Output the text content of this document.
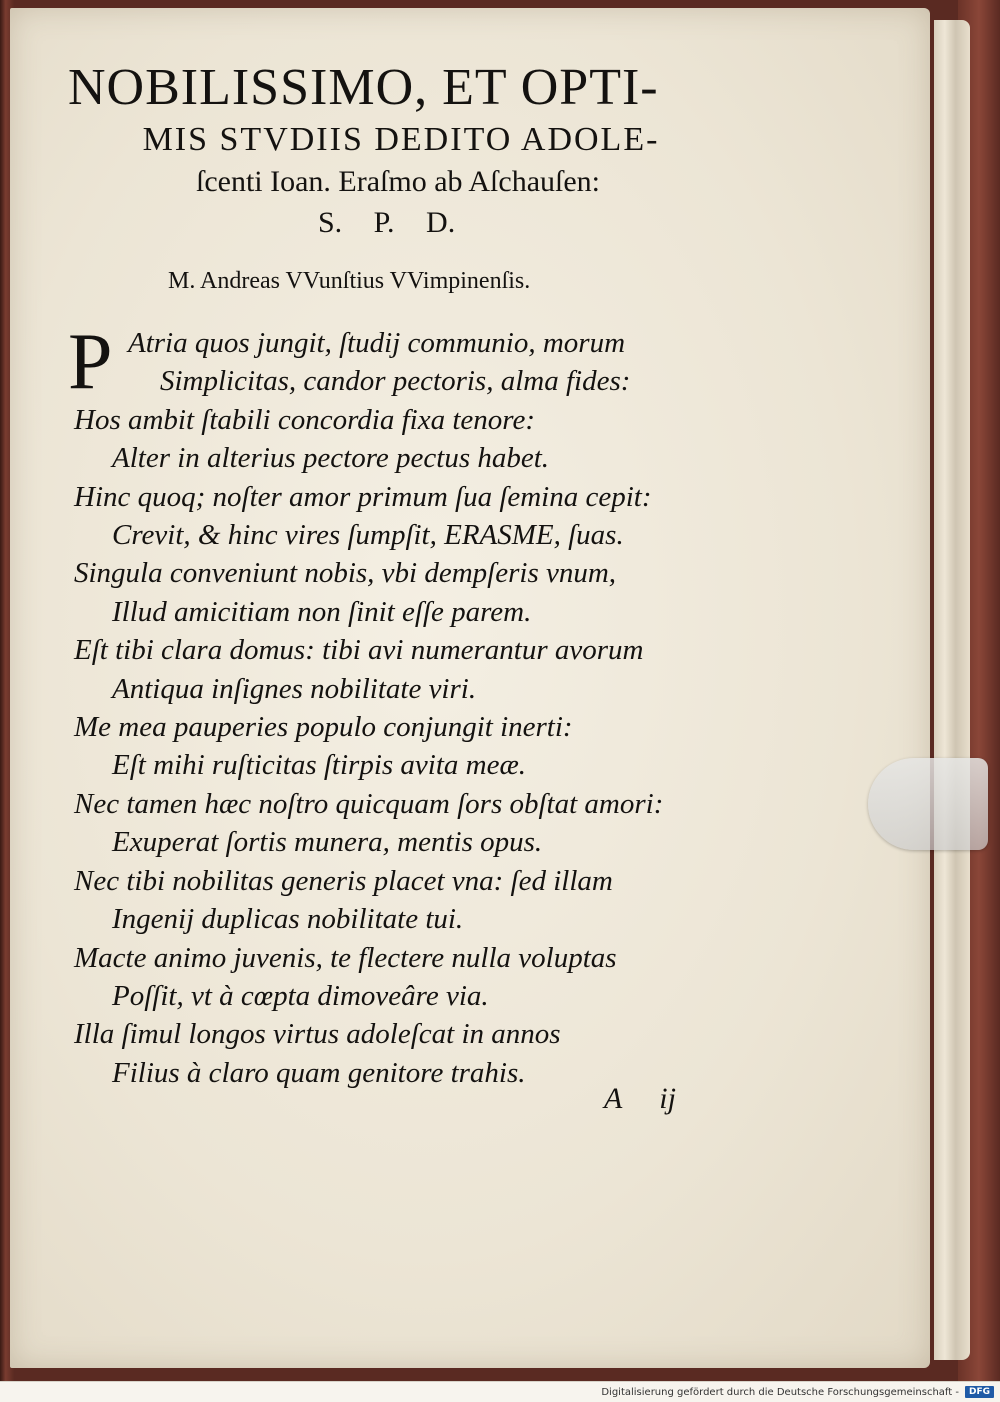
NOBILISSIMO, ET OPTI-

MIS STVDIIS DEDITO ADOLE-

ſcenti Ioan. Eraſmo ab Aſchauſen:

S. P. D.

M. Andreas VVunſtius VVimpinenſis.

P Atria quos jungit, ſtudij communio, morum

Simplicitas, candor pectoris, alma fides:

Hos ambit ſtabili concordia fixa tenore:

Alter in alterius pectore pectus habet.

Hinc quoq; noſter amor primum ſua ſemina cepit:

Crevit, & hinc vires ſumpſit, ERASME, ſuas.

Singula conveniunt nobis, vbi dempſeris vnum,

Illud amicitiam non ſinit eſſe parem.

Eſt tibi clara domus: tibi avi numerantur avorum

Antiqua inſignes nobilitate viri.

Me mea pauperies populo conjungit inerti:

Eſt mihi ruſticitas ſtirpis avita meæ.

Nec tamen hæc noſtro quicquam ſors obſtat amori:

Exuperat ſortis munera, mentis opus.

Nec tibi nobilitas generis placet vna: ſed illam

Ingenij duplicas nobilitate tui.

Macte animo juvenis, te flectere nulla voluptas

Poſſit, vt à cœpta dimoveâre via.

Illa ſimul longos virtus adoleſcat in annos

Filius à claro quam genitore trahis.

A ij
Digitalisierung gefördert durch die Deutsche Forschungsgemeinschaft -	DFG
